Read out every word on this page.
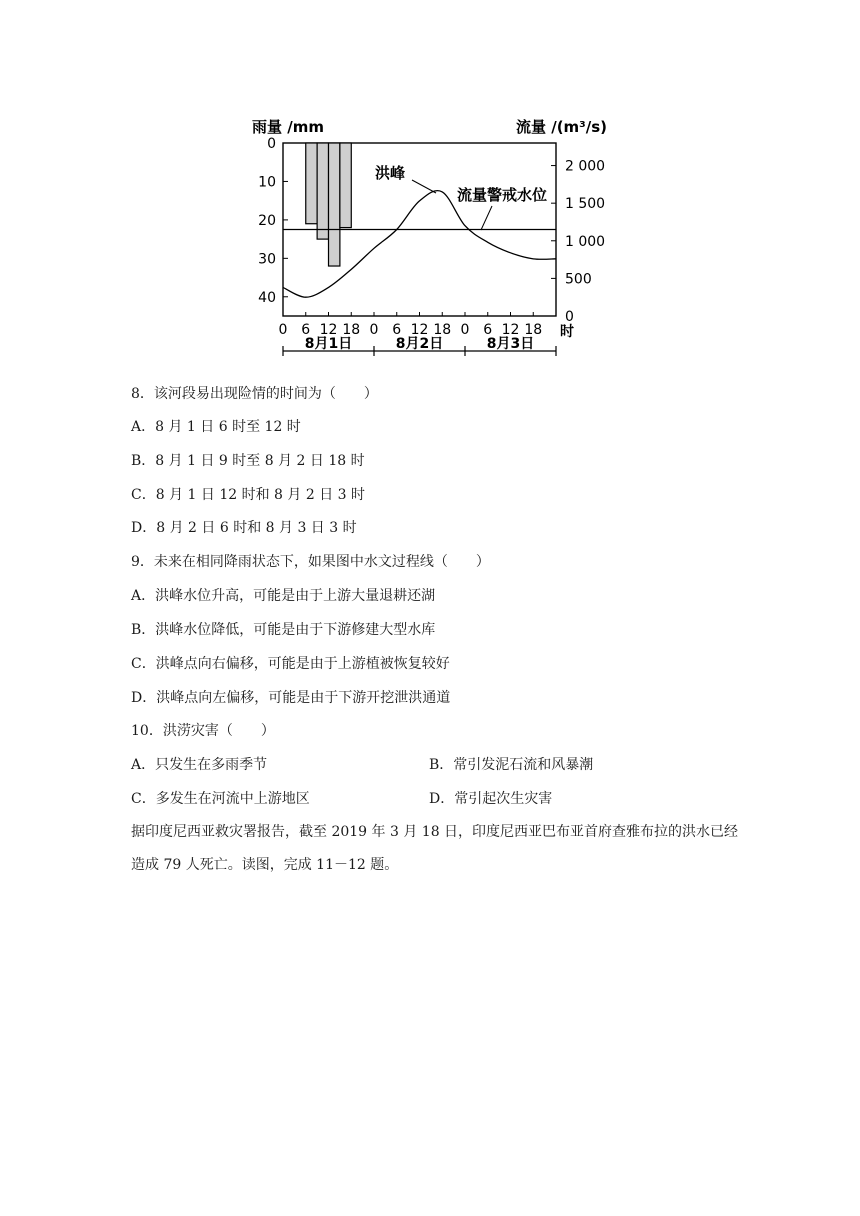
雨量 /mm	流量 /(m³/s)
0
10
20
30
40
2 000
1 500
1 000
500
0
0 6 12 18 0 6 12 18 0 6 12 18 时
8月1日	8月2日	8月3日
洪峰
流量警戒水位
8．该河段易出现险情的时间为（　　）
A．8 月 1 日 6 时至 12 时
B．8 月 1 日 9 时至 8 月 2 日 18 时
C．8 月 1 日 12 时和 8 月 2 日 3 时
D．8 月 2 日 6 时和 8 月 3 日 3 时
9．未来在相同降雨状态下，如果图中水文过程线（　　）
A．洪峰水位升高，可能是由于上游大量退耕还湖
B．洪峰水位降低，可能是由于下游修建大型水库
C．洪峰点向右偏移，可能是由于上游植被恢复较好
D．洪峰点向左偏移，可能是由于下游开挖泄洪通道
10．洪涝灾害（　　）
A．只发生在多雨季节	B．常引发泥石流和风暴潮
C．多发生在河流中上游地区	D．常引起次生灾害
据印度尼西亚救灾署报告，截至 2019 年 3 月 18 日，印度尼西亚巴布亚首府查雅布拉的洪水已经造成 79 人死亡。读图，完成 11－12 题。
